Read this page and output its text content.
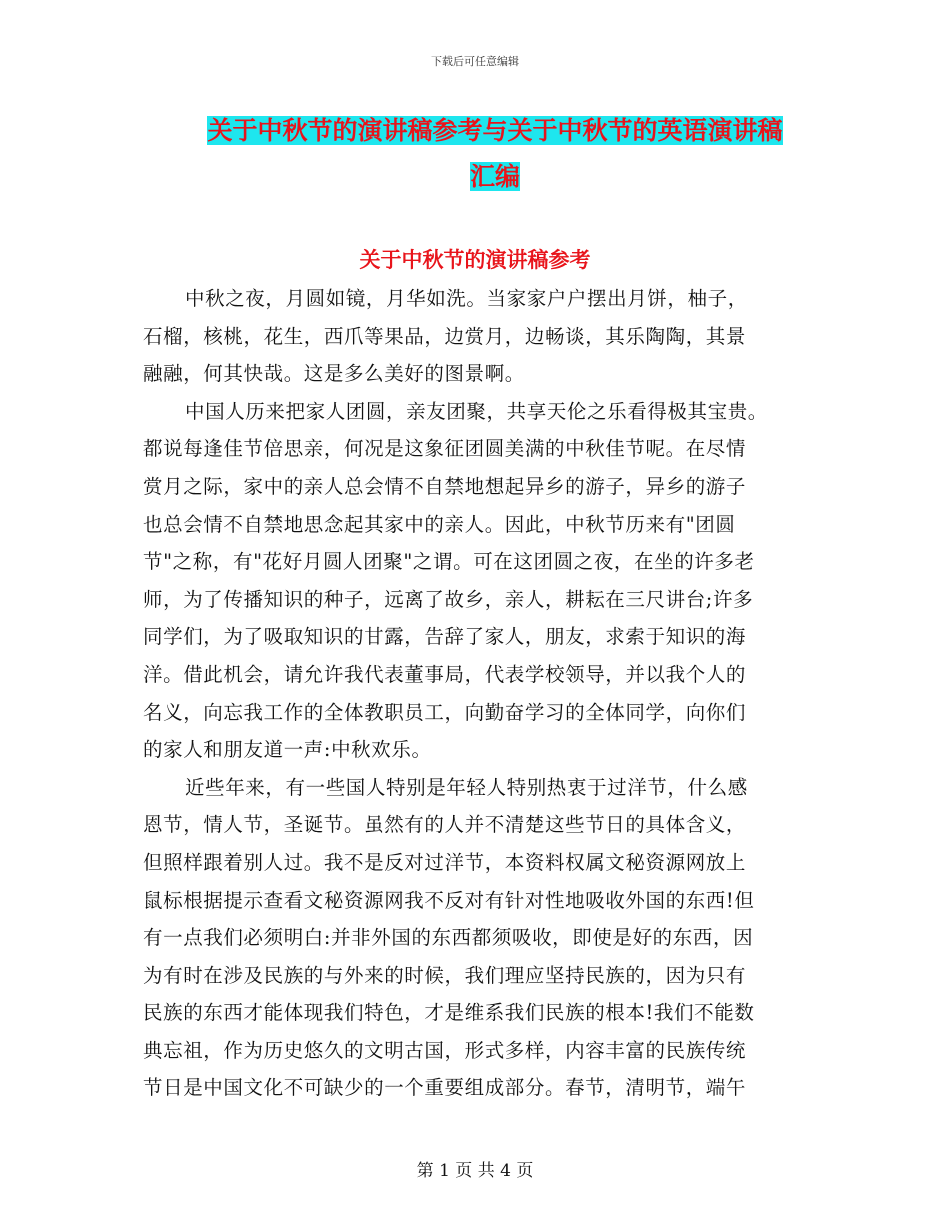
下载后可任意编辑
关于中秋节的演讲稿参考与关于中秋节的英语演讲稿
汇编
关于中秋节的演讲稿参考
中秋之夜，月圆如镜，月华如洗。当家家户户摆出月饼，柚子，
石榴，核桃，花生，西爪等果品，边赏月，边畅谈，其乐陶陶，其景
融融，何其快哉。这是多么美好的图景啊。
中国人历来把家人团圆，亲友团聚，共享天伦之乐看得极其宝贵。
都说每逢佳节倍思亲，何况是这象征团圆美满的中秋佳节呢。在尽情
赏月之际，家中的亲人总会情不自禁地想起异乡的游子，异乡的游子
也总会情不自禁地思念起其家中的亲人。因此，中秋节历来有"团圆
节"之称，有"花好月圆人团聚"之谓。可在这团圆之夜，在坐的许多老
师，为了传播知识的种子，远离了故乡，亲人，耕耘在三尺讲台;许多
同学们，为了吸取知识的甘露，告辞了家人，朋友，求索于知识的海
洋。借此机会，请允许我代表董事局，代表学校领导，并以我个人的
名义，向忘我工作的全体教职员工，向勤奋学习的全体同学，向你们
的家人和朋友道一声:中秋欢乐。
近些年来，有一些国人特别是年轻人特别热衷于过洋节，什么感
恩节，情人节，圣诞节。虽然有的人并不清楚这些节日的具体含义，
但照样跟着别人过。我不是反对过洋节，本资料权属文秘资源网放上
鼠标根据提示查看文秘资源网我不反对有针对性地吸收外国的东西!但
有一点我们必须明白:并非外国的东西都须吸收，即使是好的东西，因
为有时在涉及民族的与外来的时候，我们理应坚持民族的，因为只有
民族的东西才能体现我们特色，才是维系我们民族的根本!我们不能数
典忘祖，作为历史悠久的文明古国，形式多样，内容丰富的民族传统
节日是中国文化不可缺少的一个重要组成部分。春节，清明节，端午
第 1 页 共 4 页
